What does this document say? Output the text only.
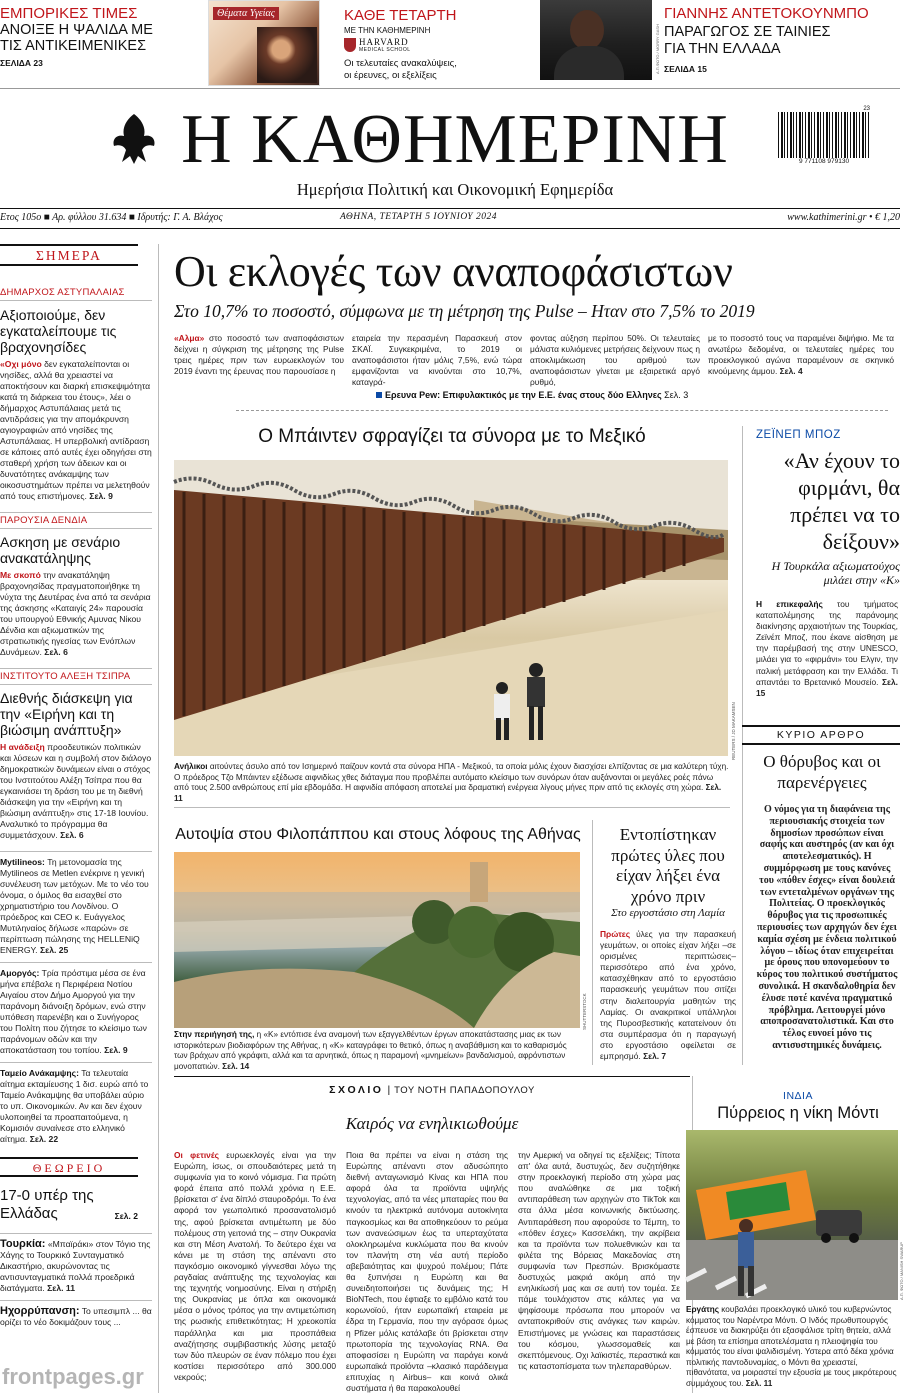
ΕΜΠΟΡΙΚΕΣ ΤΙΜΕΣ
ΑΝΟΙΞΕ Η ΨΑΛΙΔΑ ΜΕ
ΤΙΣ ΑΝΤΙΚΕΙΜΕΝΙΚΕΣ
ΣΕΛΙΔΑ 23
Θέματα Υγείας	ΚΑΘΕ ΤΕΤΑΡΤΗ
ΜΕ ΤΗΝ ΚΑΘΗΜΕΡΙΝΗ
HARVARD
MEDICAL SCHOOL
Οι τελευταίες ανακαλύψεις,
οι έρευνες, οι εξελίξεις
Α.Π.ΦΩΤΟ / MORRY GASH
ΓΙΑΝΝΗΣ ΑΝΤΕΤΟΚΟΥΝΜΠΟ
ΠΑΡΑΓΩΓΟΣ ΣΕ ΤΑΙΝΙΕΣ
ΓΙΑ ΤΗΝ ΕΛΛΑΔΑ
ΣΕΛΙΔΑ 15
Η ΚΑΘΗΜΕΡΙΝΗ
Ημερήσια Πολιτική και Οικονομική Εφημερίδα
23
9 771108 979130
Ετος 105ο ■ Αρ. φύλλου 31.634 ■ Ιδρυτής: Γ. Α. Βλάχος	ΑΘΗΝΑ, ΤΕΤΑΡΤΗ 5 ΙΟΥΝΙΟΥ 2024	www.kathimerini.gr • € 1,20
ΣΗΜΕΡΑ
ΔΗΜΑΡΧΟΣ ΑΣΤΥΠΑΛΑΙΑΣ
Αξιοποιούμε, δεν εγκαταλείπουμε τις βραχονησίδες
«Οχι μόνο δεν εγκαταλείπονται οι νησίδες, αλλά θα χρειαστεί να αποκτήσουν και διαρκή επισκεψιμότητα κατά τη διάρκεια του έτους», λέει ο δήμαρχος Αστυπάλαιας μετά τις αντιδράσεις για την απομάκρυνση αγιογραφιών από νησίδες της Αστυπάλαιας. Η υπερβολική αντίδραση σε κάποιες από αυτές έχει οδηγήσει στη σταθερή χρήση των άδειων και οι δυνατότητες ανάκαμψης των οικοσυστημάτων πρέπει να μελετηθούν από τους επιστήμονες. Σελ. 9
ΠΑΡΟΥΣΙΑ ΔΕΝΔΙΑ
Ασκηση με σενάριο ανακατάληψης
Με σκοπό την ανακατάληψη βραχονησίδας πραγματοποιήθηκε τη νύχτα της Δευτέρας ένα από τα σενάρια της άσκησης «Καταιγίς 24» παρουσία του υπουργού Εθνικής Αμυνας Νίκου Δένδια και αξιωματικών της στρατιωτικής ηγεσίας των Ενόπλων Δυνάμεων. Σελ. 6
ΙΝΣΤΙΤΟΥΤΟ ΑΛΕΞΗ ΤΣΙΠΡΑ
Διεθνής διάσκεψη για την «Ειρήνη και τη βιώσιμη ανάπτυξη»
Η ανάδειξη προοδευτικών πολιτικών και λύσεων και η συμβολή στον διάλογο δημοκρατικών δυνάμεων είναι ο στόχος του Ινστιτούτου Αλέξη Τσίπρα που θα εγκαινιάσει τη δράση του με τη διεθνή διάσκεψη για την «Ειρήνη και τη βιώσιμη ανάπτυξη» στις 17-18 Ιουνίου. Αναλυτικό το πρόγραμμα θα συμμετάσχουν. Σελ. 6
Mytilineos: Τη μετονομασία της Mytilineos σε Metlen ενέκρινε η γενική συνέλευση των μετόχων. Με το νέο του όνομα, ο όμιλος θα εισαχθεί στο χρηματιστήριο του Λονδίνου. Ο πρόεδρος και CEO κ. Ευάγγελος Μυτιληναίος δήλωσε «παρών» σε περίπτωση πώλησης της HELLENiQ ENERGY. Σελ. 25
Αμοργός: Τρία πρόστιμα μέσα σε ένα μήνα επέβαλε η Περιφέρεια Νοτίου Αιγαίου στον Δήμο Αμοργού για την παράνομη διάνοιξη δρόμων, ενώ στην υπόθεση παρενέβη και ο Συνήγορος του Πολίτη που ζήτησε το κλείσιμο των παράνομων οδών και την αποκατάσταση του τοπίου. Σελ. 9
Ταμείο Ανάκαμψης: Τα τελευταία αίτημα εκταμίευσης 1 δισ. ευρώ από το Ταμείο Ανάκαμψης θα υποβάλει αύριο το υπ. Οικονομικών. Αν και δεν έχουν υλοποιηθεί τα προαπαιτούμενα, η Κομισιόν συναίνεσε στο ελληνικό αίτημα. Σελ. 22
ΘΕΩΡΕΙΟ
17-0 υπέρ της Ελλάδας	Σελ. 2
Τουρκία: «Μπαϊράκι» στον Τόγιο της Χάγης το Τουρκικό Συνταγματικό Δικαστήριο, ακυρώνοντας τις αντισυνταγματικά πολλά προεδρικά διατάγματα. Σελ. 11
Ηχορρύπανση: Το υπεσιμπλ ... θα ορίζει το νέο δοκιμάζουν τους ...
Οι εκλογές των αναποφάσιστων
Στο 10,7% το ποσοστό, σύμφωνα με τη μέτρηση της Pulse – Ηταν στο 7,5% το 2019
«Αλμα» στο ποσοστό των αναποφάσιστων δείχνει η σύγκριση της μέτρησης της Pulse τρεις ημέρες πριν των ευρωεκλογών του 2019 έναντι της έρευνας που παρουσίασε η
εταιρεία την περασμένη Παρασκευή στον ΣΚΑΪ. Συγκεκριμένα, το 2019 οι αναποφάσιστοι ήταν μόλις 7,5%, ενώ τώρα εμφανίζονται να κινούνται στο 10,7%, καταγρά-
φοντας αύξηση περίπου 50%. Οι τελευταίες μάλιστα κυλιόμενες μετρήσεις δείχνουν πως η αποκλιμάκωση του αριθμού των αναποφάσιστων γίνεται με εξαιρετικά αργό ρυθμό,
με το ποσοστό τους να παραμένει διψήφιο. Με τα ανωτέρω δεδομένα, οι τελευταίες ημέρες του προεκλογικού αγώνα παραμένουν σε σκηνικό κινούμενης άμμου. Σελ. 4
Ερευνα Pew: Επιφυλακτικός με την Ε.Ε. ένας στους δύο Ελληνες Σελ. 3
Ο Μπάιντεν σφραγίζει τα σύνορα με το Μεξικό
REUTERS / JD MAKAMSEN
Ανήλικοι αιτούντες άσυλο από τον Ισημερινό παίζουν κοντά στα σύνορα ΗΠΑ - Μεξικού, τα οποία μόλις έχουν διασχίσει ελπίζοντας σε μια καλύτερη τύχη. Ο πρόεδρος Τζο Μπάιντεν εξέδωσε αιφνιδίως χθες διάταγμα που προβλέπει αυτόματο κλείσιμο των συνόρων όταν αυξάνονται οι μεγάλες ροές πάνω από τους 2.500 ανθρώπους επί μία εβδομάδα. Η αιφνιδία απόφαση αποτελεί μια δραματική ενέργεια λίγους μήνες πριν από τις εκλογές στη χώρα. Σελ. 11
ΖΕΪΝΕΠ ΜΠΟΖ
«Αν έχουν το φιρμάνι, θα πρέπει να το δείξουν»
Η Τουρκάλα αξιωματούχος μιλάει στην «Κ»
Η επικεφαλής του τμήματος καταπολέμησης της παράνομης διακίνησης αρχαιοτήτων της Τουρκίας, Ζεϊνέπ Μποζ, που έκανε αίσθηση με την παρέμβασή της στην UNESCO, μιλάει για το «φιρμάνι» του Ελγιν, την ιταλική μετάφραση και την Ελλάδα. Τι απαντάει το Βρετανικό Μουσείο. Σελ. 15
ΚΥΡΙΟ ΑΡΘΡΟ
Ο θόρυβος και οι παρενέργειες
Ο νόμος για τη διαφάνεια της περιουσιακής στοιχεία των δημοσίων προσώπων είναι σαφής και αυστηρός (αν και όχι αποτελεσματικός). Η συμμόρφωση με τους κανόνες του «πόθεν έσχες» είναι δουλειά των εντεταλμένων οργάνων της Πολιτείας. Ο προεκλογικός θόρυβος για τις προσωπικές περιουσίες των αρχηγών δεν έχει καμία σχέση με ένδεια πολιτικού λόγου – ιδίως όταν επιχειρείται με όρους που υπονομεύουν το κύρος του πολιτικού συστήματος συνολικά. Η σκανδαλοθηρία δεν έλυσε ποτέ κανένα πραγματικό πρόβλημα. Λειτουργεί μόνο αποπροσανατολιστικά. Και στο τέλος ευνοεί μόνο τις αντισυστημικές δυνάμεις.
Αυτοψία στου Φιλοπάππου και στους λόφους της Αθήνας
SHUTTERSTOCK
Στην περιήγησή της, η «Κ» εντόπισε ένα αναμονή των εξαγγελθέντων έργων αποκατάστασης μιας εκ των ιστορικότερων βιοδιαφόρων της Αθήνας, η «Κ» καταγράφει το θετικό, όπως η αναβάθμιση και το καθαρισμός των βράχων από γκράφιτι, αλλά και τα αρνητικά, όπως η παραμονή «μνημείων» βανδαλισμού, αφρόντιστων μονοπατιών. Σελ. 14
Εντοπίστηκαν πρώτες ύλες που είχαν λήξει ένα χρόνο πριν
Στο εργοστάσιο στη Λαμία
Πρώτες ύλες για την παρασκευή γευμάτων, οι οποίες είχαν λήξει –σε ορισμένες περιπτώσεις– περισσότερο από ένα χρόνο, κατασχέθηκαν από το εργοστάσιο παρασκευής γευμάτων που σιτίζει στην διαλειτουργία μαθητών της Λαμίας. Οι ανακριτικοί υπάλληλοι της Πυροσβεστικής κατατείνουν ότι στα συμπέρασμα ότι η παραγωγή στο εργοστάσιο οφείλεται σε εμπρησμό. Σελ. 7
ΣΧΟΛΙΟ | ΤΟΥ ΝΟΤΗ ΠΑΠΑΔΟΠΟΥΛΟΥ
Καιρός να ενηλικιωθούμε
Οι φετινές ευρωεκλογές είναι για την Ευρώπη, ίσως, οι σπουδαιότερες μετά τη συμφωνία για το κοινό νόμισμα. Για πρώτη φορά έπειτα από πολλά χρόνια η Ε.Ε. βρίσκεται σ' ένα δίπλό σταυροδρόμι. Το ένα αφορά τον γεωπολιτικό προσανατολισμό της, αφού βρίσκεται αντιμέτωπη με δύο πολέμους στη γειτονιά της – στην Ουκρανία και στη Μέση Ανατολή. Το δεύτερο έχει να κάνει με τη στάση της απέναντι στο παγκόσμιο οικονομικό γίγνεσθαι λόγω της ραγδαίας ανάπτυξης της τεχνολογίας και της τεχνητής νοημοσύνης. Είναι η στήριξη της Ουκρανίας με όπλα και οικονομικά μέσα ο μόνος τρόπος για την αντιμετώπιση της ρωσικής επιθετικότητας; Η χρεοκοπία παράλληλα και μια προσπάθεια αναζήτησης συμβιβαστικής λύσης μεταξύ των δύο πλευρών σε έναν πόλεμο που έχει κοστίσει περισσότερο από 300.000 νεκρούς;
Ποια θα πρέπει να είναι η στάση της Ευρώπης απέναντι στον αδυσώπητο διεθνή ανταγωνισμό Κίνας και ΗΠΑ που αφορά όλα τα προϊόντα υψηλής τεχνολογίας, από τα νέες μπαταρίες που θα κινούν τα ηλεκτρικά αυτόνομα αυτοκίνητα παγκοσμίως και θα αποθηκεύουν το ρεύμα των ανανεώσιμων έως τα υπερταχύτατα ολοκληρωμένα κυκλώματα που θα κινούν τον πλανήτη στη νέα αυτή περίοδο αβεβαιότητας και ψυχρού πολέμου; Πάτε θα ξυπνήσει η Ευρώπη και θα συνειδητοποιήσει τις δυνάμεις της; Η BioNTech, που έφτιαξε το εμβόλιο κατά του κορωνοϊού, ήταν ευρωπαϊκή εταιρεία με έδρα τη Γερμανία, που την αγόρασε όμως η Pfizer μόλις κατάλαβε ότι βρίσκεται στην πρωτοπορία της τεχνολογίας RNA. Θα αποφασίσει η Ευρώπη να παράγει κοινά ευρωπαϊκά προϊόντα –κλασικό παράδειγμα επιτυχίας η Airbus– και κοινά ολικά συστήματα ή θα παρακολουθεί
την Αμερική να οδηγεί τις εξελίξεις; Τίποτα απ' όλα αυτά, δυστυχώς, δεν συζητήθηκε στην προεκλογική περίοδο στη χώρα μας που αναλώθηκε σε μια τοξική αντιπαράθεση των αρχηγών στο TikTok και στα άλλα μέσα κοινωνικής δικτύωσης. Αντιπαράθεση που αφορούσε το Τέμπη, το «πόθεν έσχες» Κασσελάκη, την ακρίβεια και τα προϊόντα των πολυεθνικών και τα φιλέτα της Βόρειας Μακεδονίας στη συμφωνία των Πρεσπών. Βρισκόμαστε δυστυχώς μακριά ακόμη από την ενηλικίωσή μας και σε αυτή τον τομέα. Σε πάμε τουλάχιστον στις κάλπες για να ψηφίσουμε πρόσωπα που μπορούν να ανταποκριθούν στις ανάγκες των καιρών. Επιστήμονες με γνώσεις και παραστάσεις του κόσμου, γλωσσομαθείς και σκεπτόμενους. Οχι λαϊκιστές, περαστικά και τις καταστοπίσματα των τηλεπαραθύρων.
ΙΝΔΙΑ
Πύρρειος η νίκη Μόντι
Α.Π. ΦΩΤΟ / MANISH SWARUP
Εργάτης κουβαλάει προεκλογικό υλικό του κυβερνώντος κόμματος του Ναρέντρα Μόντι. Ο Ινδός πρωθυπουργός έσπευσε να διακηρύξει ότι εξασφάλισε τρίτη θητεία, αλλά με βάση τα επίσημα αποτελέσματα η πλειοψηφία του κόμματός του είναι ψαλιδισμένη. Υστερα από δέκα χρόνια πολιτικής παντοδυναμίας, ο Μόντι θα χρειαστεί, πιθανότατα, να μοιραστεί την εξουσία με τους μικρότερους συμμάχους του. Σελ. 11
frontpages.gr
